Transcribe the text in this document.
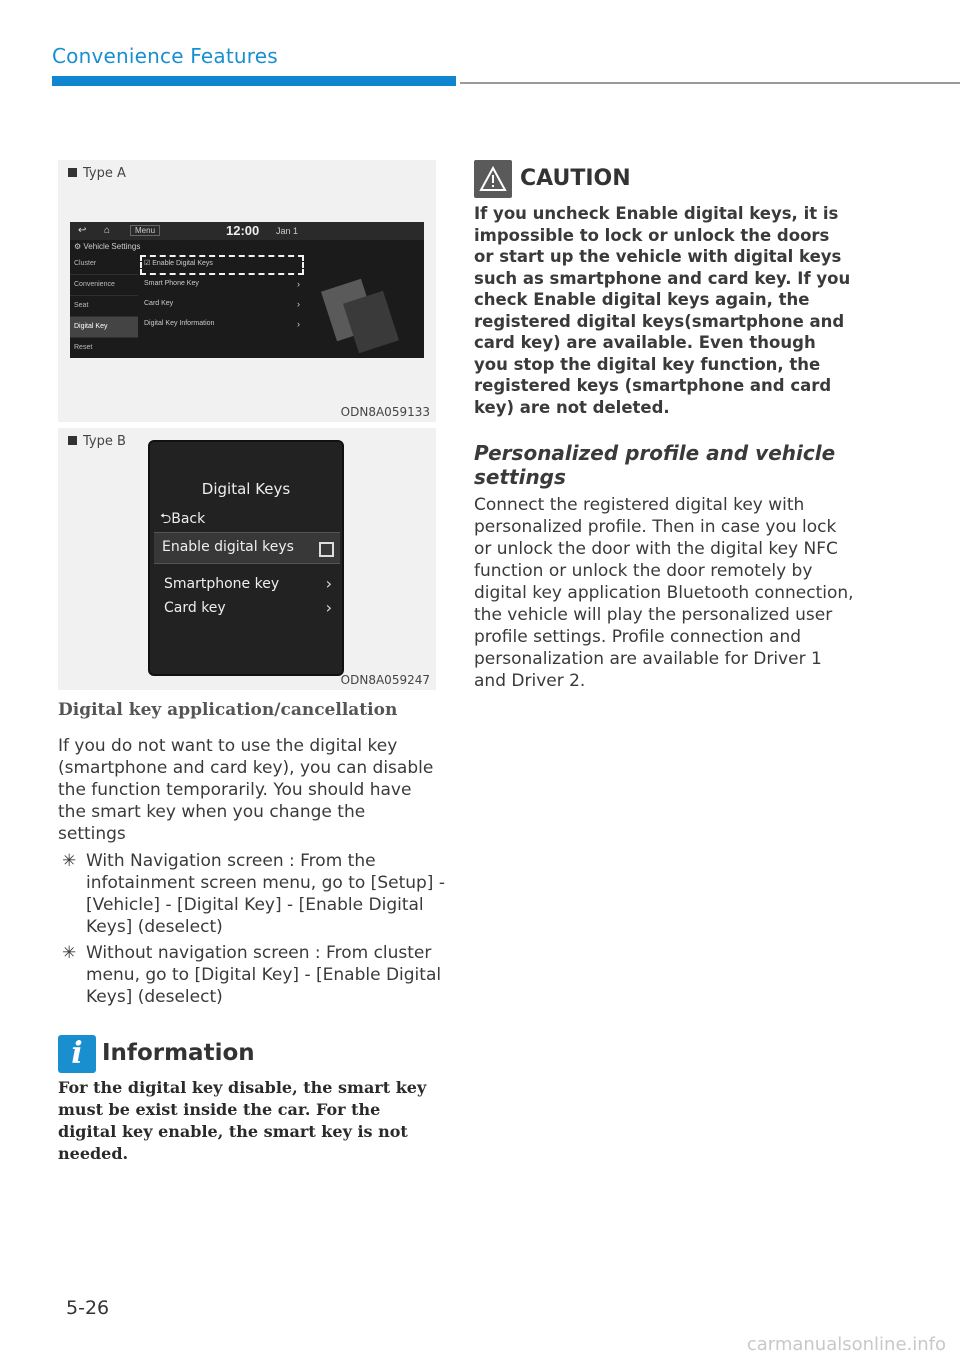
Convenience Features
Type A
↩ ⌂	Menu	12:00 Jan 1
⚙ Vehicle Settings
Cluster
Convenience
Seat
Digital Key
Reset
☑ Enable Digital Keys
Smart Phone Key	›
Card Key	›
Digital Key Information	›
ODN8A059133
Type B
Digital Keys
⮌Back
Enable digital keys
Smartphone key	›
Card key	›
ODN8A059247
Digital key application/cancellation
If you do not want to use the digital key (smartphone and card key), you can disable the function temporarily. You should have the smart key when you change the settings
✳ With Navigation screen : From the infotainment screen menu, go to [Setup] - [Vehicle] - [Digital Key] - [Enable Digital Keys] (deselect)
✳ Without navigation screen : From cluster menu, go to [Digital Key] - [Enable Digital Keys] (deselect)
i Information
For the digital key disable, the smart key must be exist inside the car. For the digital key enable, the smart key is not needed.
CAUTION
If you uncheck Enable digital keys, it is impossible to lock or unlock the doors or start up the vehicle with digital keys such as smartphone and card key. If you check Enable digital keys again, the registered digital keys(smartphone and card key) are available. Even though you stop the digital key function, the registered keys (smartphone and card key) are not deleted.
Personalized profile and vehicle settings
Connect the registered digital key with personalized profile. Then in case you lock or unlock the door with the digital key NFC function or unlock the door remotely by digital key application Bluetooth connection, the vehicle will play the personalized user profile settings. Profile connection and personalization are available for Driver 1 and Driver 2.
5-26
carmanualsonline.info
